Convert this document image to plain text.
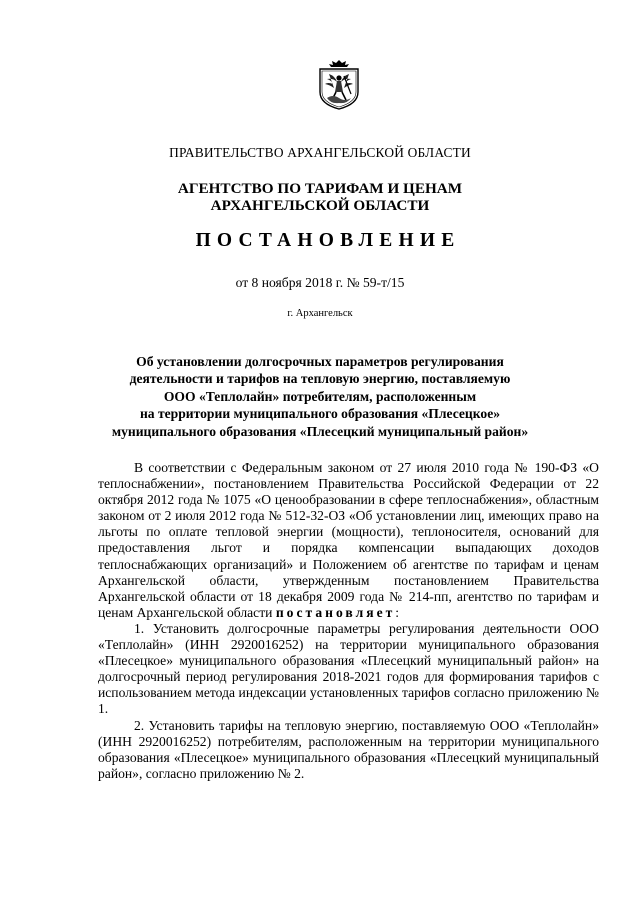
ПРАВИТЕЛЬСТВО АРХАНГЕЛЬСКОЙ ОБЛАСТИ
АГЕНТСТВО ПО ТАРИФАМ И ЦЕНАМ
АРХАНГЕЛЬСКОЙ ОБЛАСТИ
ПОСТАНОВЛЕНИЕ
от 8 ноября 2018 г. № 59-т/15
г. Архангельск
Об установлении долгосрочных параметров регулирования
деятельности и тарифов на тепловую энергию, поставляемую
ООО «Теплолайн» потребителям, расположенным
на территории муниципального образования «Плесецкое»
муниципального образования «Плесецкий муниципальный район»

В соответствии с Федеральным законом от 27 июля 2010 года № 190-ФЗ «О теплоснабжении», постановлением Правительства Российской Федерации от 22 октября 2012 года № 1075 «О ценообразовании в сфере теплоснабжения», областным законом от 2 июля 2012 года № 512-32-ОЗ «Об установлении лиц, имеющих право на льготы по оплате тепловой энергии (мощности), теплоносителя, оснований для предоставления льгот и порядка компенсации выпадающих доходов теплоснабжающих организаций» и Положением об агентстве по тарифам и ценам Архангельской области, утвержденным постановлением Правительства Архангельской области от 18 декабря 2009 года № 214-пп, агентство по тарифам и ценам Архангельской области постановляет:

1. Установить долгосрочные параметры регулирования деятельности ООО «Теплолайн» (ИНН 2920016252) на территории муниципального образования «Плесецкое» муниципального образования «Плесецкий муниципальный район» на долгосрочный период регулирования 2018-2021 годов для формирования тарифов с использованием метода индексации установленных тарифов согласно приложению № 1.

2. Установить тарифы на тепловую энергию, поставляемую ООО «Теплолайн» (ИНН 2920016252) потребителям, расположенным на территории муниципального образования «Плесецкое» муниципального образования «Плесецкий муниципальный район», согласно приложению № 2.
